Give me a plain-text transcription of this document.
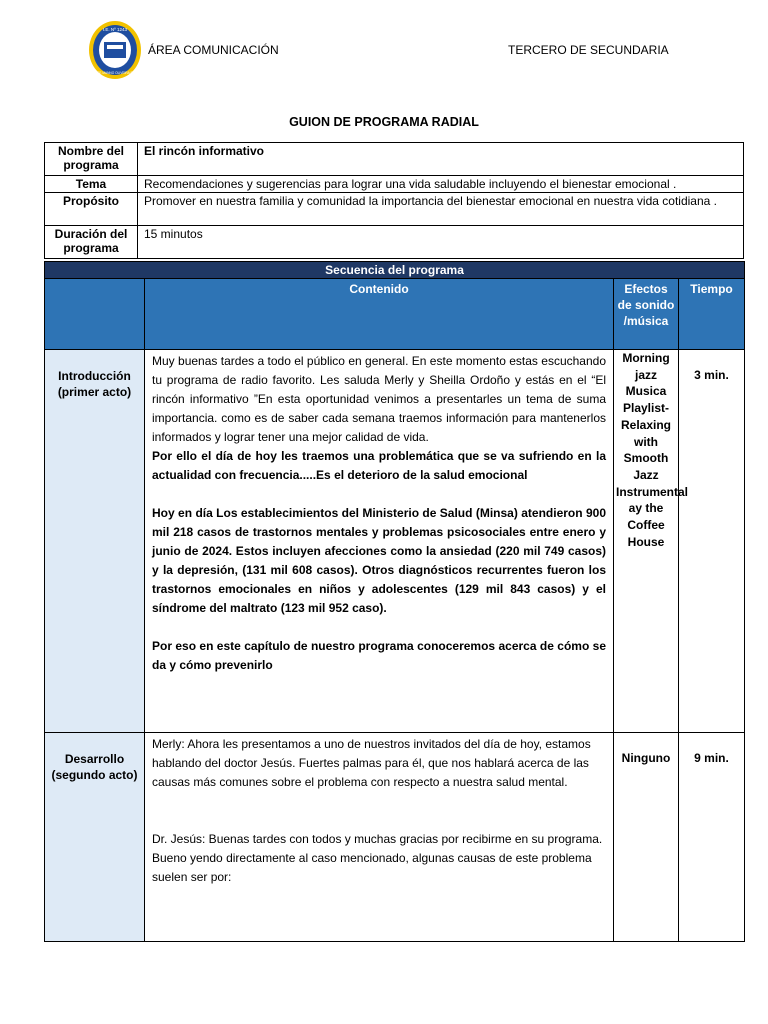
I.E. Nº 1243
ANELISE MANNO OLIVEIRA ROCHA
ÁREA COMUNICACIÓN	TERCERO DE SECUNDARIA
GUION DE PROGRAMA RADIAL
Nombre del programa	El rincón informativo
Tema	Recomendaciones y sugerencias para lograr una vida saludable incluyendo el bienestar emocional .
Propósito	Promover en nuestra familia y comunidad la importancia del bienestar emocional en nuestra vida cotidiana .
Duración del programa	15 minutos
Secuencia del programa			
	Contenido	Efectos de sonido /música	Tiempo
Introducción (primer acto)	Muy buenas tardes a todo el público en general. En este momento estas escuchando tu programa de radio favorito. Les saluda Merly y Sheilla Ordoño y estás en el “El rincón informativo ”En esta oportunidad venimos a presentarles un tema de suma importancia. como es de saber cada semana traemos información para mantenerlos informados y lograr tener una mejor calidad de vida.

Por ello el día de hoy les traemos una problemática que se va sufriendo en la actualidad con frecuencia.....Es el deterioro de la salud emocional

Hoy en día Los establecimientos del Ministerio de Salud (Minsa) atendieron 900 mil 218 casos de trastornos mentales y problemas psicosociales entre enero y junio de 2024. Estos incluyen afecciones como la ansiedad (220 mil 749 casos) y la depresión, (131 mil 608 casos). Otros diagnósticos recurrentes fueron los trastornos emocionales en niños y adolescentes (129 mil 843 casos) y el síndrome del maltrato (123 mil 952 caso).

Por eso en este capítulo de nuestro programa conoceremos acerca de cómo se da y cómo prevenirlo	Morning jazz Musica Playlist-Relaxing with Smooth Jazz Instrumental ay the Coffee House	3 min.
Desarrollo (segundo acto)	Merly: Ahora les presentamos a uno de nuestros invitados del día de hoy, estamos hablando del doctor Jesús. Fuertes palmas para él, que nos hablará acerca de las causas más comunes sobre el problema con respecto a nuestra salud mental.

Dr. Jesús: Buenas tardes con todos y muchas gracias por recibirme en su programa. Bueno yendo directamente al caso mencionado, algunas causas de este problema suelen ser por:	Ninguno	9 min.
